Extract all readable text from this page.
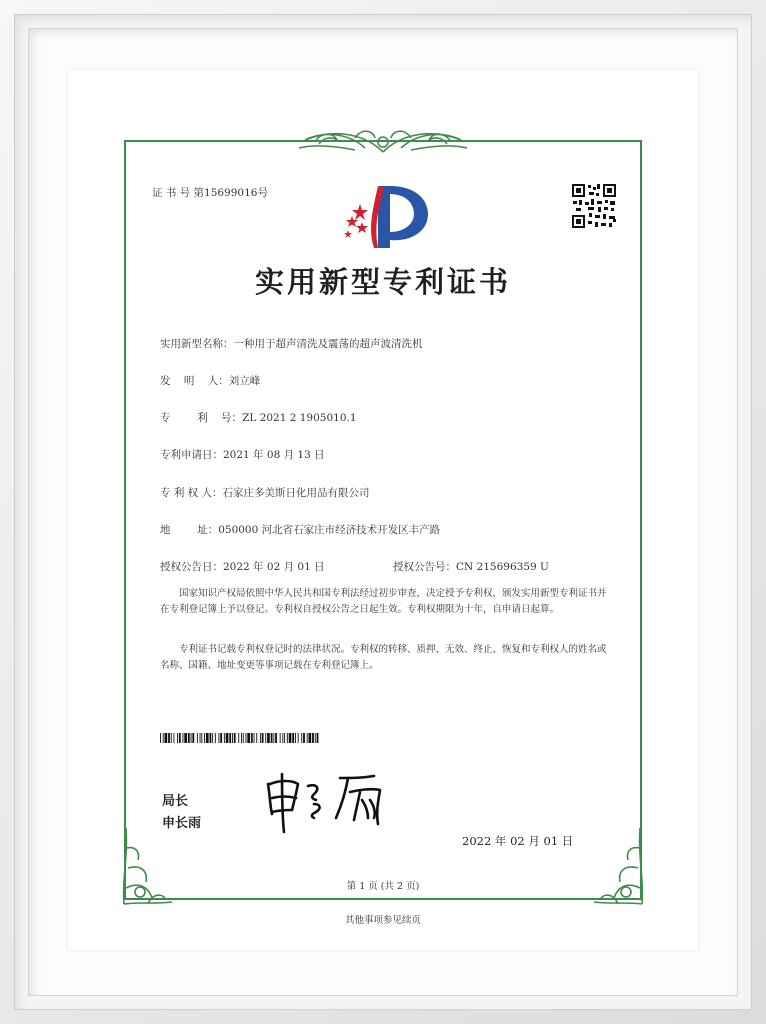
证 书 号 第15699016号
实用新型专利证书
实用新型名称：一种用于超声清洗及震荡的超声波清洗机
发    明    人：刘立峰
专        利    号：ZL 2021 2 1905010.1
专利申请日：2021 年 08 月 13 日
专 利 权 人：石家庄多美斯日化用品有限公司
地        址：050000 河北省石家庄市经济技术开发区丰产路
授权公告日：2022 年 02 月 01 日	授权公告号：CN 215696359 U
国家知识产权局依照中华人民共和国专利法经过初步审查，决定授予专利权，颁发实用新型专利证书并在专利登记簿上予以登记。专利权自授权公告之日起生效。专利权期限为十年，自申请日起算。
专利证书记载专利权登记时的法律状况。专利权的转移、质押、无效、终止、恢复和专利权人的姓名或名称、国籍、地址变更等事项记载在专利登记簿上。
局长
申长雨
2022 年 02 月 01 日
第 1 页 (共 2 页)
其他事项参见续页
